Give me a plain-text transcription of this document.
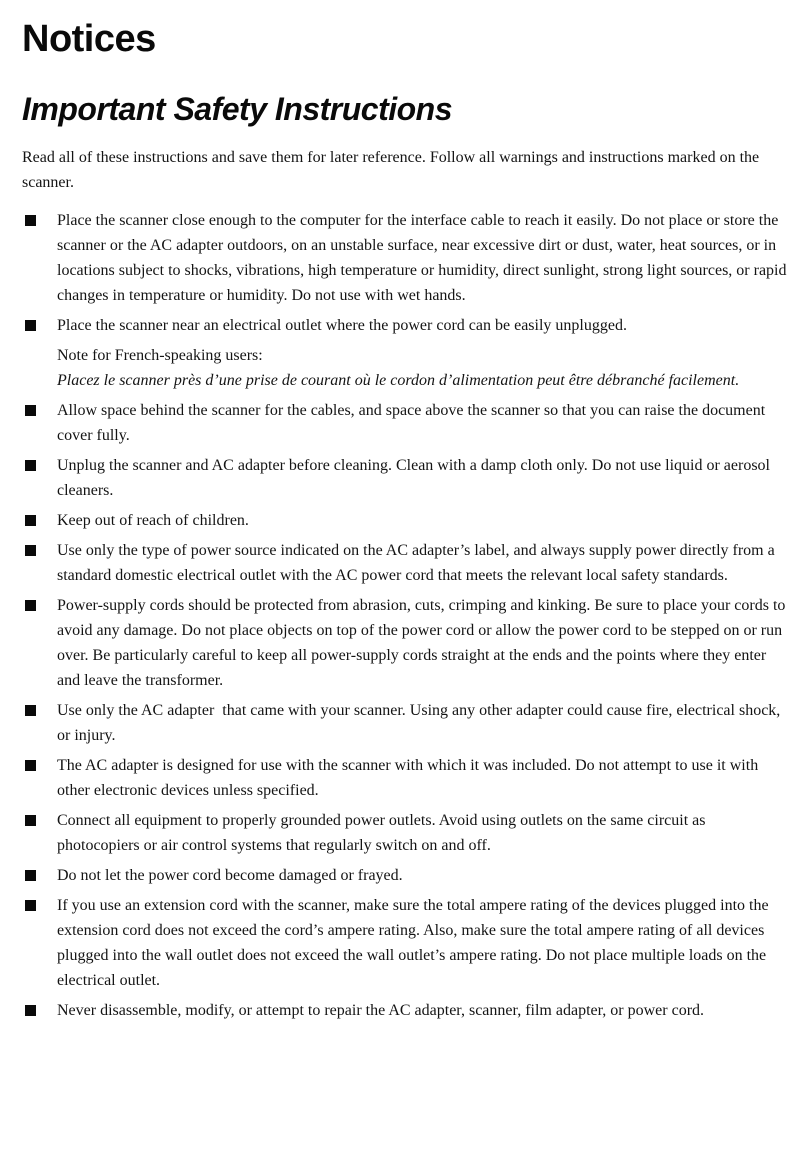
Notices
Important Safety Instructions

Read all of these instructions and save them for later reference. Follow all warnings and instructions marked on the scanner.

Place the scanner close enough to the computer for the interface cable to reach it easily. Do not place or store the scanner or the AC adapter outdoors, on an unstable surface, near excessive dirt or dust, water, heat sources, or in locations subject to shocks, vibrations, high temperature or humidity, direct sunlight, strong light sources, or rapid changes in temperature or humidity. Do not use with wet hands.

Place the scanner near an electrical outlet where the power cord can be easily unplugged.

Note for French-speaking users:

Placez le scanner près d’une prise de courant où le cordon d’alimentation peut être débranché facilement.

Allow space behind the scanner for the cables, and space above the scanner so that you can raise the document cover fully.

Unplug the scanner and AC adapter before cleaning. Clean with a damp cloth only. Do not use liquid or aerosol cleaners.

Keep out of reach of children.

Use only the type of power source indicated on the AC adapter’s label, and always supply power directly from a standard domestic electrical outlet with the AC power cord that meets the relevant local safety standards.

Power-supply cords should be protected from abrasion, cuts, crimping and kinking. Be sure to place your cords to avoid any damage. Do not place objects on top of the power cord or allow the power cord to be stepped on or run over. Be particularly careful to keep all power-supply cords straight at the ends and the points where they enter and leave the transformer.

Use only the AC adapter  that came with your scanner. Using any other adapter could cause fire, electrical shock, or injury.

The AC adapter is designed for use with the scanner with which it was included. Do not attempt to use it with other electronic devices unless specified.

Connect all equipment to properly grounded power outlets. Avoid using outlets on the same circuit as photocopiers or air control systems that regularly switch on and off.

Do not let the power cord become damaged or frayed.

If you use an extension cord with the scanner, make sure the total ampere rating of the devices plugged into the extension cord does not exceed the cord’s ampere rating. Also, make sure the total ampere rating of all devices plugged into the wall outlet does not exceed the wall outlet’s ampere rating. Do not place multiple loads on the electrical outlet.

Never disassemble, modify, or attempt to repair the AC adapter, scanner, film adapter, or power cord.
